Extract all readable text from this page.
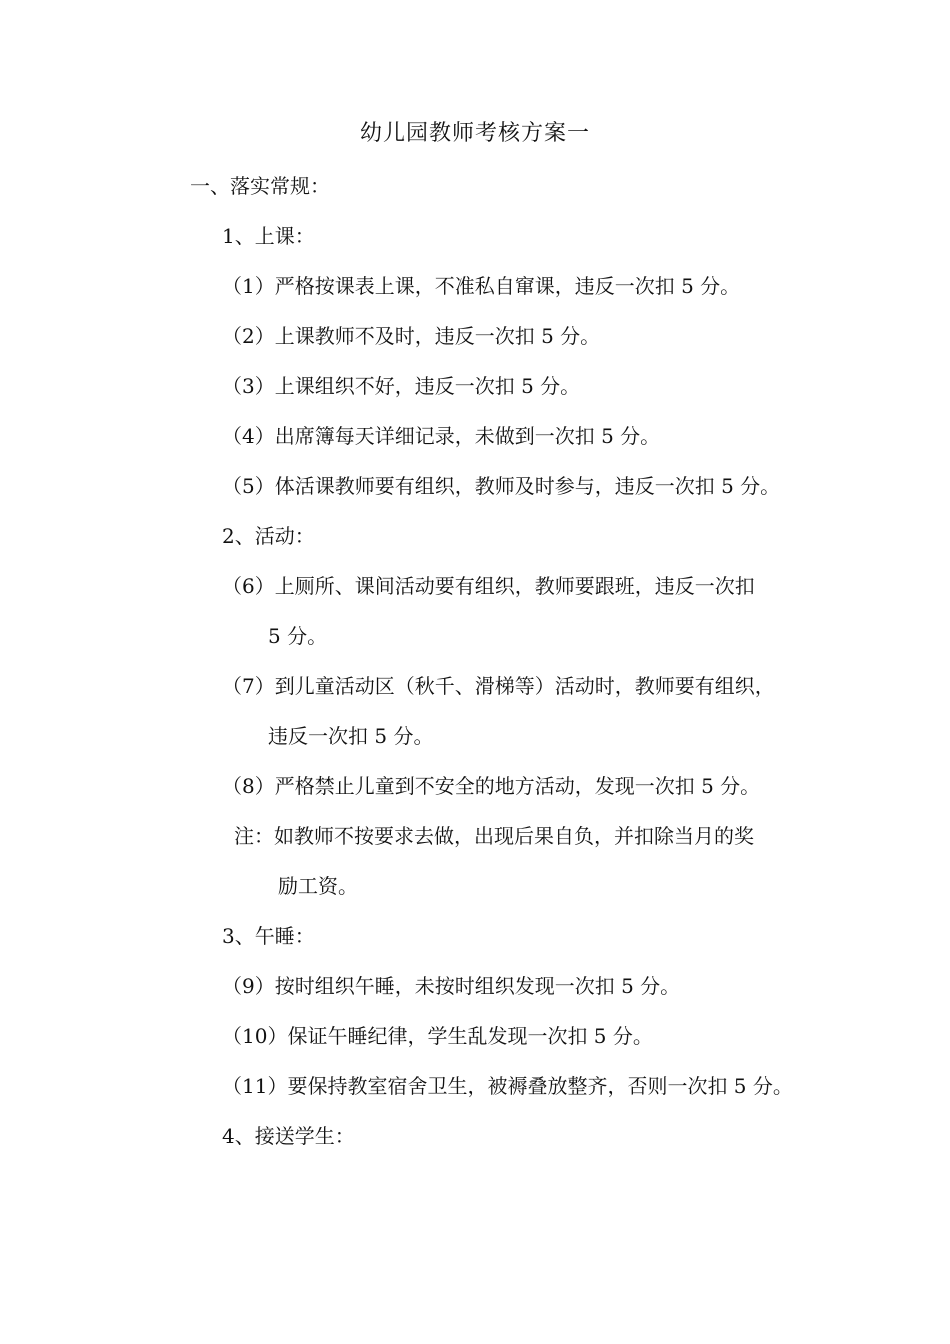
幼儿园教师考核方案一
一、落实常规：
1、上课：
（1）严格按课表上课，不准私自窜课，违反一次扣 5 分。
（2）上课教师不及时，违反一次扣 5 分。
（3）上课组织不好，违反一次扣 5 分。
（4）出席簿每天详细记录，未做到一次扣 5 分。
（5）体活课教师要有组织，教师及时参与，违反一次扣 5 分。
2、活动：
（6）上厕所、课间活动要有组织，教师要跟班，违反一次扣
5 分。
（7）到儿童活动区（秋千、滑梯等）活动时，教师要有组织，
违反一次扣 5 分。
（8）严格禁止儿童到不安全的地方活动，发现一次扣 5 分。
注：如教师不按要求去做，出现后果自负，并扣除当月的奖
励工资。
3、午睡：
（9）按时组织午睡，未按时组织发现一次扣 5 分。
（10）保证午睡纪律，学生乱发现一次扣 5 分。
（11）要保持教室宿舍卫生，被褥叠放整齐，否则一次扣 5 分。
4、接送学生：
